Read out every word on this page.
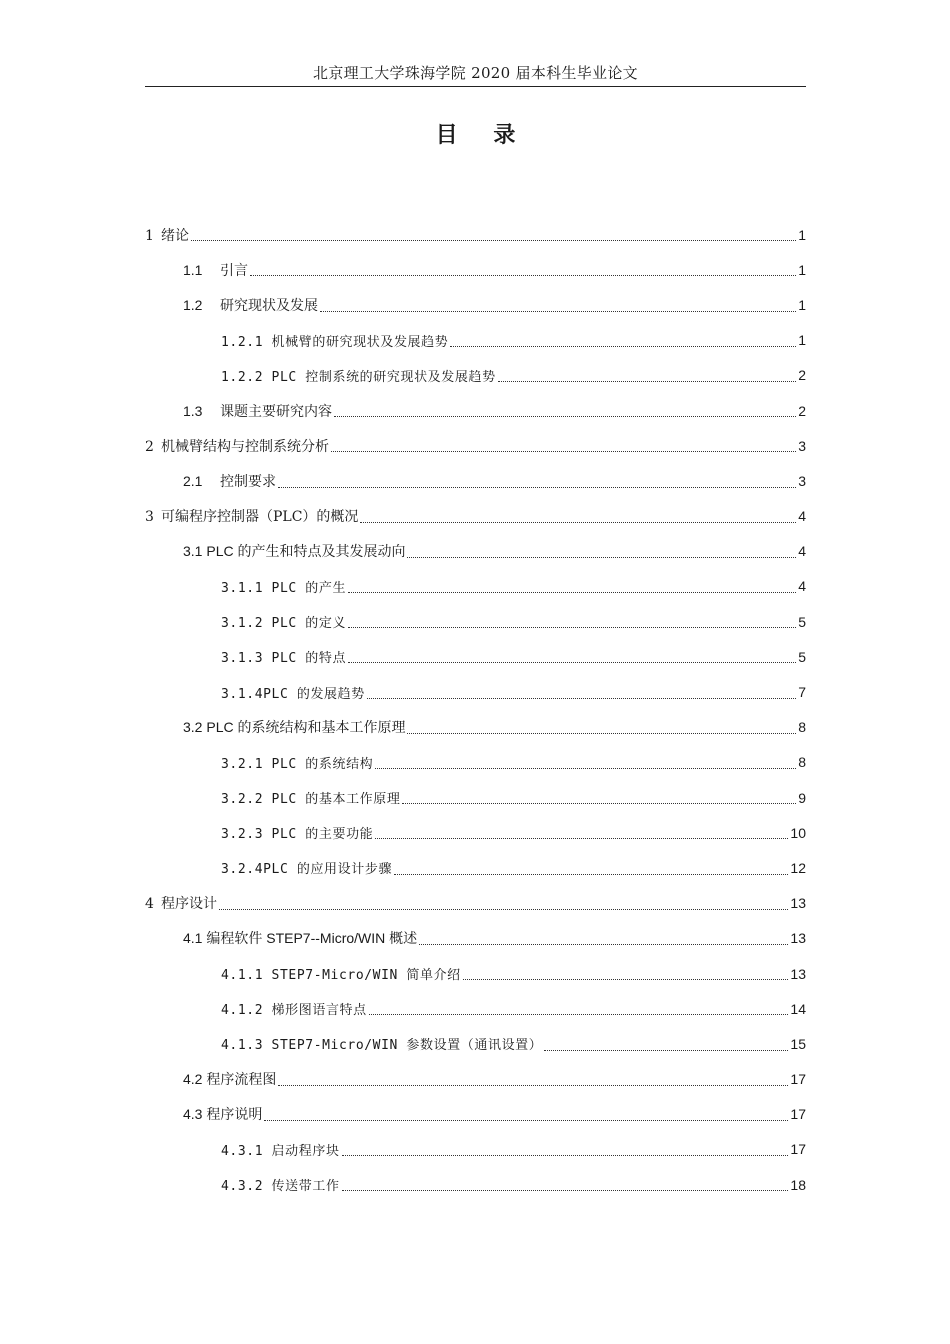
北京理工大学珠海学院 2020 届本科生毕业论文
目 录
1 绪论	1
1.1 引言	1
1.2 研究现状及发展	1
1.2.1 机械臂的研究现状及发展趋势	1
1.2.2 PLC 控制系统的研究现状及发展趋势	2
1.3 课题主要研究内容	2
2 机械臂结构与控制系统分析	3
2.1 控制要求	3
3 可编程序控制器（PLC）的概况	4
3.1 PLC 的产生和特点及其发展动向	4
3.1.1 PLC 的产生	4
3.1.2 PLC 的定义	5
3.1.3 PLC 的特点	5
3.1.4PLC 的发展趋势	7
3.2 PLC 的系统结构和基本工作原理	8
3.2.1 PLC 的系统结构	8
3.2.2 PLC 的基本工作原理	9
3.2.3 PLC 的主要功能	10
3.2.4PLC 的应用设计步骤	12
4 程序设计	13
4.1 编程软件 STEP7--Micro/WIN 概述	13
4.1.1 STEP7-Micro/WIN 简单介绍	13
4.1.2 梯形图语言特点	14
4.1.3 STEP7-Micro/WIN 参数设置（通讯设置）	15
4.2 程序流程图	17
4.3 程序说明	17
4.3.1 启动程序块	17
4.3.2 传送带工作	18
